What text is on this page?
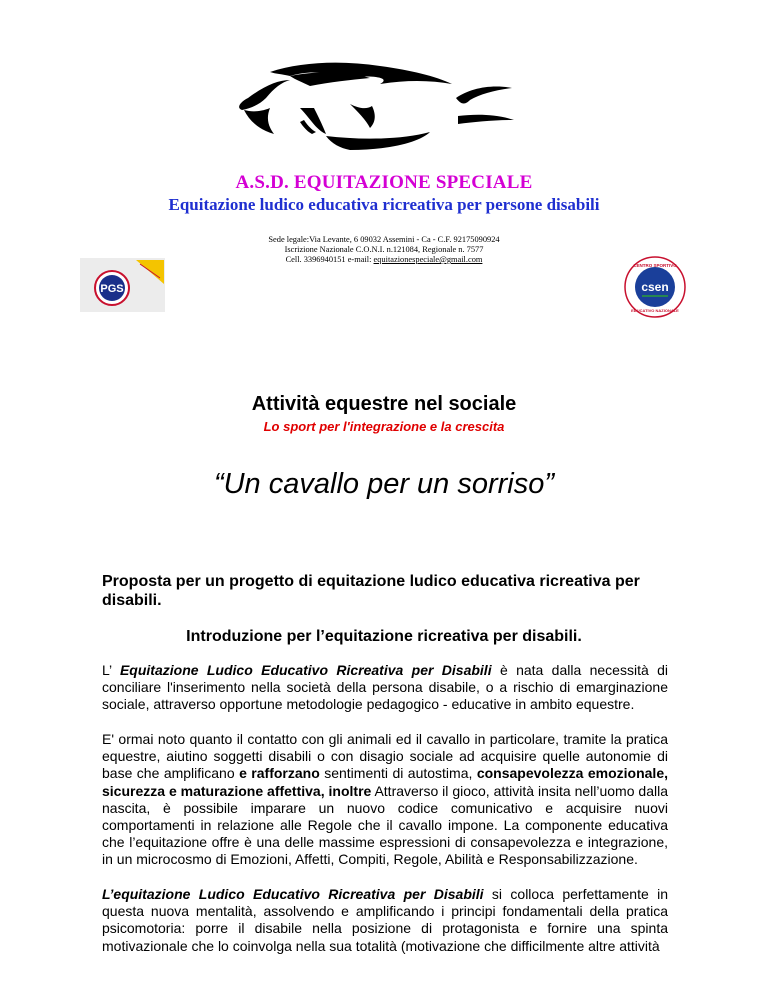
A.S.D. EQUITAZIONE SPECIALE
Equitazione ludico educativa ricreativa per persone disabili
Sede legale:Via Levante, 6 09032 Assemini - Ca - C.F. 92175090924
Iscrizione Nazionale C.O.N.I. n.121084, Regionale n. 7577
Cell. 3396940151 e-mail: equitazionespeciale@gmail.com
PGS
CENTRO SPORTIVO
EDUCATIVO NAZIONALE
csen
Attività equestre nel sociale
Lo sport per l'integrazione e la crescita
“Un cavallo per un sorriso”
Proposta per un progetto di equitazione ludico educativa ricreativa per disabili.
Introduzione per l’equitazione ricreativa per disabili.
L’ Equitazione Ludico Educativo Ricreativa per Disabili è nata dalla necessità di conciliare l'inserimento nella società della persona disabile, o a rischio di emarginazione sociale, attraverso opportune metodologie pedagogico - educative in ambito equestre.
E' ormai noto quanto il contatto con gli animali ed il cavallo in particolare, tramite la pratica equestre, aiutino soggetti disabili o con disagio sociale ad acquisire quelle autonomie di base che amplificano e rafforzano sentimenti di autostima, consapevolezza emozionale, sicurezza e maturazione affettiva, inoltre Attraverso il gioco, attività insita nell’uomo dalla nascita, è possibile imparare un nuovo codice comunicativo e acquisire nuovi comportamenti in relazione alle Regole che il cavallo impone. La componente educativa che l’equitazione offre è una delle massime espressioni di consapevolezza e integrazione, in un microcosmo di Emozioni, Affetti, Compiti, Regole, Abilità e Responsabilizzazione.
L’equitazione Ludico Educativo Ricreativa per Disabili si colloca perfettamente in questa nuova mentalità, assolvendo e amplificando i principi fondamentali della pratica psicomotoria: porre il disabile nella posizione di protagonista e fornire una spinta motivazionale che lo coinvolga nella sua totalità (motivazione che difficilmente altre attività
